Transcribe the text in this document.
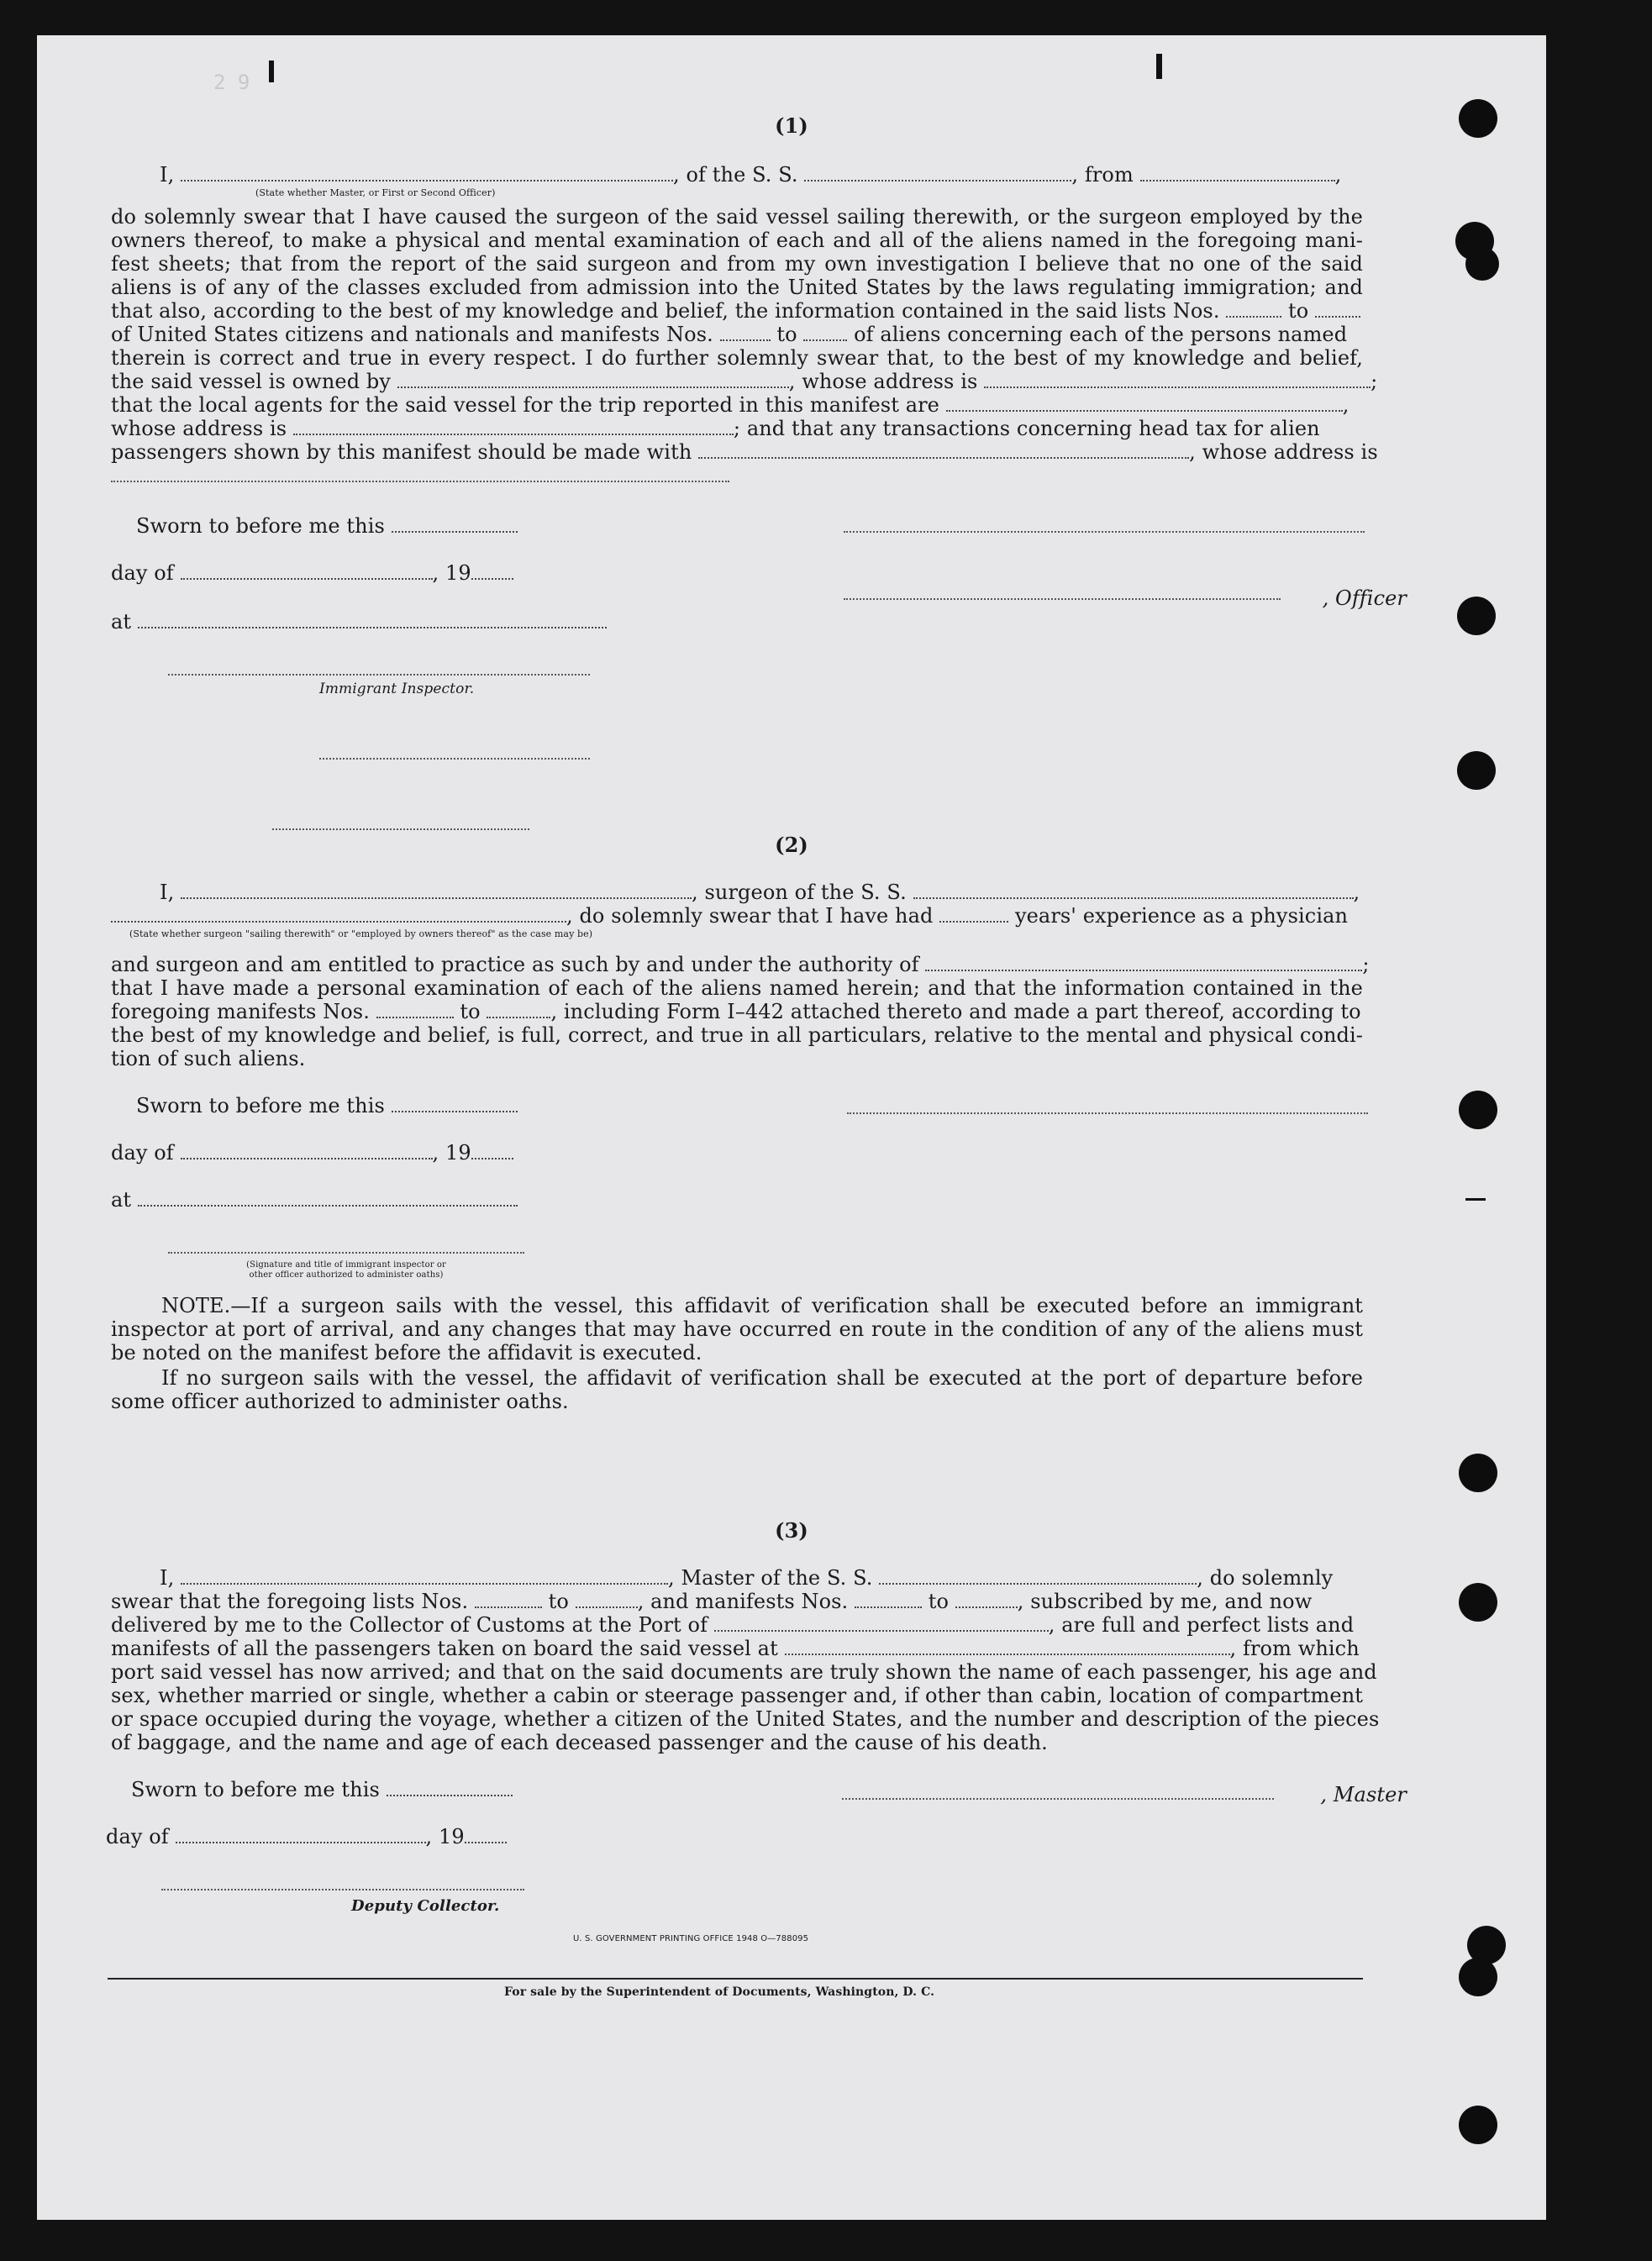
2 9
(1)
I,	, of the S. S.	, from	,
(State whether Master, or First or Second Officer)
do solemnly swear that I have caused the surgeon of the said vessel sailing therewith, or the surgeon employed by the
owners thereof, to make a physical and mental examination of each and all of the aliens named in the foregoing mani-
fest sheets; that from the report of the said surgeon and from my own investigation I believe that no one of the said
aliens is of any of the classes excluded from admission into the United States by the laws regulating immigration; and
that also, according to the best of my knowledge and belief, the information contained in the said lists Nos.	to
of United States citizens and nationals and manifests Nos.	to	of aliens concerning each of the persons named
therein is correct and true in every respect. I do further solemnly swear that, to the best of my knowledge and belief,
the said vessel is owned by	, whose address is	;
that the local agents for the said vessel for the trip reported in this manifest are	,
whose address is	; and that any transactions concerning head tax for alien
passengers shown by this manifest should be made with	, whose address is
Sworn to before me this
day of	, 19
, Officer
at
Immigrant Inspector.
(2)
I,	, surgeon of the S. S.	,
, do solemnly swear that I have had	years' experience as a physician
(State whether surgeon "sailing therewith" or "employed by owners thereof" as the case may be)
and surgeon and am entitled to practice as such by and under the authority of	;
that I have made a personal examination of each of the aliens named herein; and that the information contained in the
foregoing manifests Nos.	to	, including Form I–442 attached thereto and made a part thereof, according to
the best of my knowledge and belief, is full, correct, and true in all particulars, relative to the mental and physical condi-
tion of such aliens.
Sworn to before me this
day of	, 19
at
(Signature and title of immigrant inspector or
other officer authorized to administer oaths)
NOTE.—If a surgeon sails with the vessel, this affidavit of verification shall be executed before an immigrant
inspector at port of arrival, and any changes that may have occurred en route in the condition of any of the aliens must
be noted on the manifest before the affidavit is executed.
If no surgeon sails with the vessel, the affidavit of verification shall be executed at the port of departure before
some officer authorized to administer oaths.
(3)
I,	, Master of the S. S.	, do solemnly
swear that the foregoing lists Nos.	to	, and manifests Nos.	to	, subscribed by me, and now
delivered by me to the Collector of Customs at the Port of	, are full and perfect lists and
manifests of all the passengers taken on board the said vessel at	, from which
port said vessel has now arrived; and that on the said documents are truly shown the name of each passenger, his age and
sex, whether married or single, whether a cabin or steerage passenger and, if other than cabin, location of compartment
or space occupied during the voyage, whether a citizen of the United States, and the number and description of the pieces
of baggage, and the name and age of each deceased passenger and the cause of his death.
Sworn to before me this	, Master
day of	, 19
Deputy Collector.
U. S. GOVERNMENT PRINTING OFFICE 1948 O—788095
For sale by the Superintendent of Documents, Washington, D. C.
